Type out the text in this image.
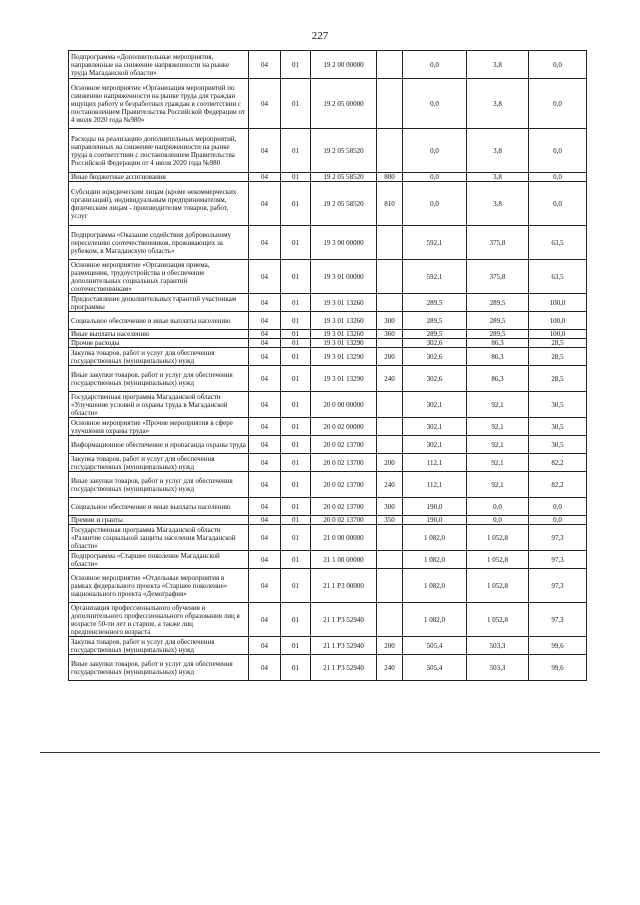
227
Подпрограмма «Дополнительные мероприятия, направленные на снижение напряженности на рынке труда Магаданской области»	04	01	19 2 00 00000		0,0	3,8	0,0
Основное мероприятие «Организация мероприятий по снижению напряженности на рынке труда для граждан ищущих работу и безработных граждан в соответствии с постановлением Правительства Российской Федерации от 4 июля 2020 года №980»	04	01	19 2 05 00000		0,0	3,8	0,0
Расходы на реализацию дополнительных мероприятий, направленных на снижение напряженности на рынке труда в соответствии с постановлением Правительства Российской Федерации от 4 июля 2020 года №980	04	01	19 2 05 58520		0,0	3,8	0,0
Иные бюджетные ассигнования	04	01	19 2 05 58520	800	0,0	3,8	0,0
Субсидии юридическим лицам (кроме некоммерческих организаций), индивидуальным предпринимателям, физическим лицам - производителям товаров, работ, услуг	04	01	19 2 05 58520	810	0,0	3,8	0,0
Подпрограмма «Оказание содействия добровольному переселению соотечественников, проживающих за рубежом, в Магаданскую область»	04	01	19 3 00 00000		592,1	375,8	63,5
Основное мероприятие «Организация приема, размещения, трудоустройства и обеспечение дополнительных социальных гарантий соотечественникам»	04	01	19 3 01 00000		592,1	375,8	63,5
Предоставление дополнительных гарантий участникам программы	04	01	19 3 01 13260		289,5	289,5	100,0
Социальное обеспечение и иные выплаты населению	04	01	19 3 01 13260	300	289,5	289,5	100,0
Иные выплаты населению	04	01	19 3 01 13260	360	289,5	289,5	100,0
Прочие расходы	04	01	19 3 01 13290		302,6	86,3	28,5
Закупка товаров, работ и услуг для обеспечения государственных (муниципальных) нужд	04	01	19 3 01 13290	200	302,6	86,3	28,5
Иные закупки товаров, работ и услуг для обеспечения государственных (муниципальных) нужд	04	01	19 3 01 13290	240	302,6	86,3	28,5
Государственная программа Магаданской области «Улучшение условий и охраны труда в Магаданской области»	04	01	20 0 00 00000		302,1	92,1	30,5
Основное мероприятие «Прочие мероприятия в сфере улучшения охраны труда»	04	01	20 0 02 00000		302,1	92,1	30,5
Информационное обеспечение и пропаганда охраны труда	04	01	20 0 02 13700		302,1	92,1	30,5
Закупка товаров, работ и услуг для обеспечения государственных (муниципальных) нужд	04	01	20 0 02 13700	200	112,1	92,1	82,2
Иные закупки товаров, работ и услуг для обеспечения государственных (муниципальных) нужд	04	01	20 0 02 13700	240	112,1	92,1	82,2
Социальное обеспечение и иные выплаты населению	04	01	20 0 02 13700	300	190,0	0,0	0,0
Премии и гранты	04	01	20 0 02 13700	350	190,0	0,0	0,0
Государственная программа Магаданской области «Развитие социальной защиты населения Магаданской области»	04	01	21 0 00 00000		1 082,0	1 052,8	97,3
Подпрограмма «Старшее поколение Магаданской области»	04	01	21 1 00 00000		1 082,0	1 052,8	97,3
Основное мероприятие «Отдельные мероприятия в рамках федерального проекта «Старшее поколение» национального проекта «Демография»	04	01	21 1 P3 00000		1 082,0	1 052,8	97,3
Организация профессионального обучения и дополнительного профессионального образования лиц в возрасте 50-ти лет и старше, а также лиц предпенсионного возраста	04	01	21 1 P3 52940		1 082,0	1 052,8	97,3
Закупка товаров, работ и услуг для обеспечения государственных (муниципальных) нужд	04	01	21 1 P3 52940	200	505,4	503,3	99,6
Иные закупки товаров, работ и услуг для обеспечения государственных (муниципальных) нужд	04	01	21 1 P3 52940	240	505,4	503,3	99,6
